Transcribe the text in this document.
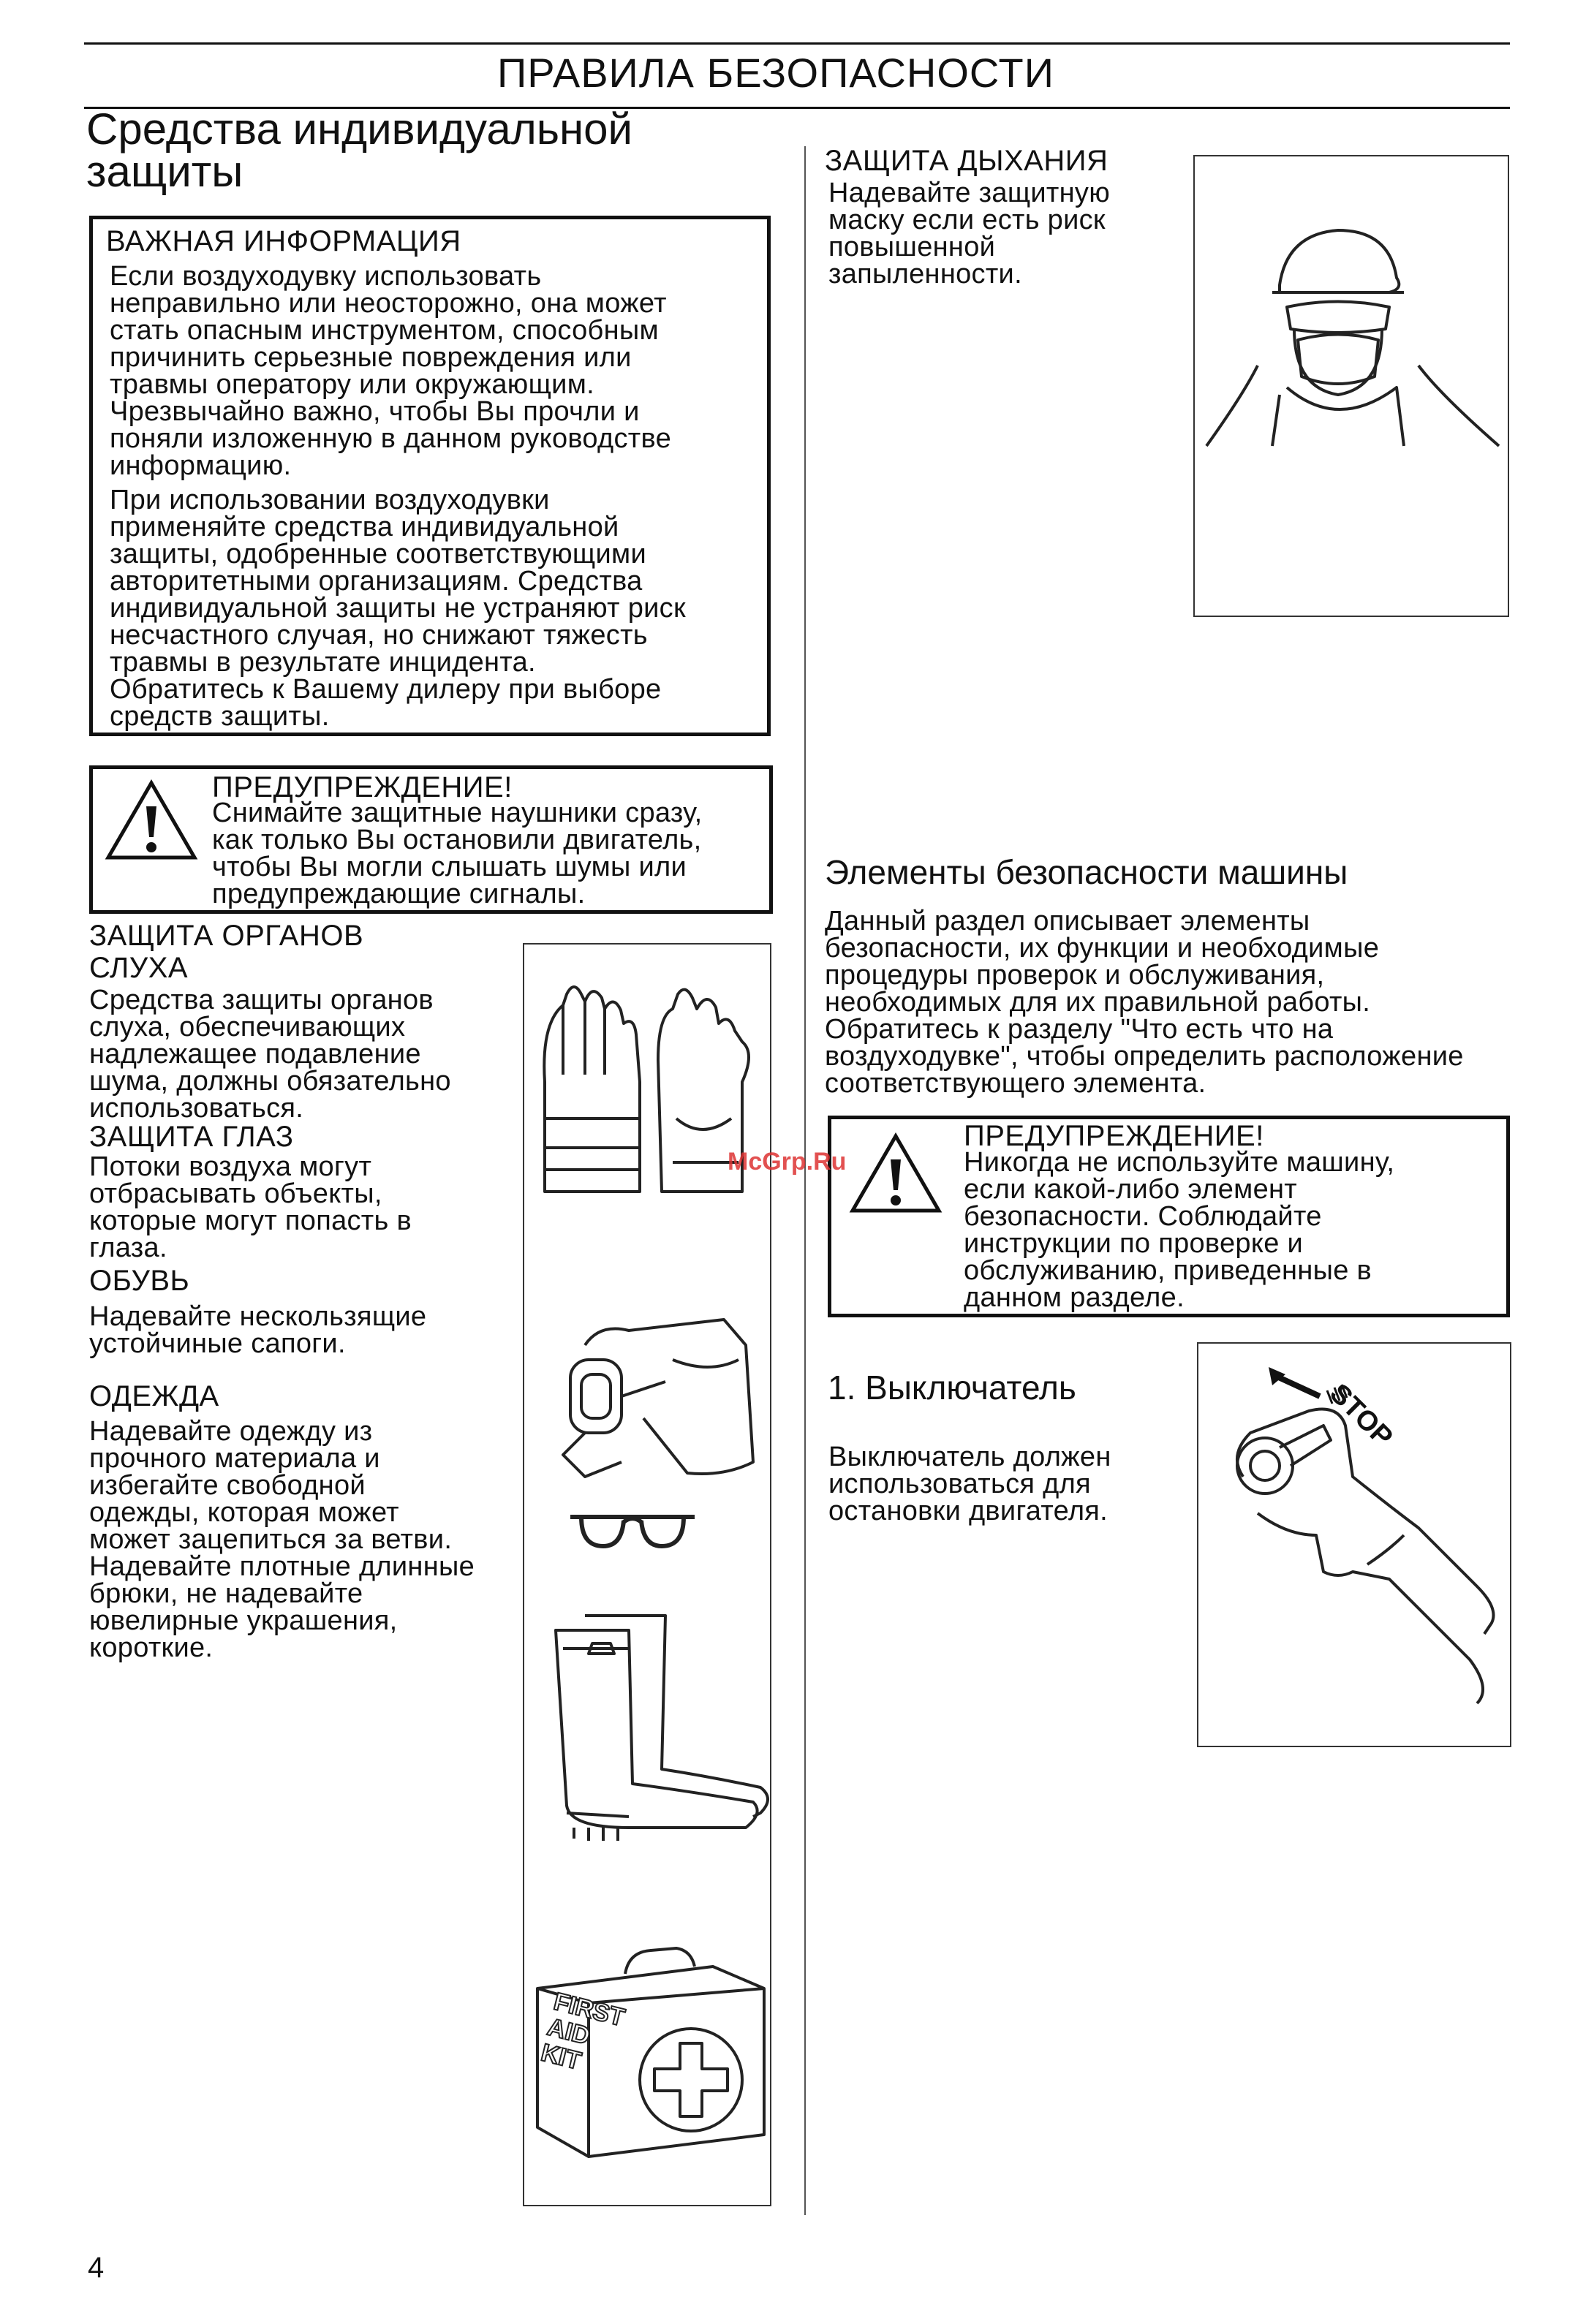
ПРАВИЛА БЕЗОПАСНОСТИ
Средства индивидуальной
защиты
ВАЖНАЯ ИНФОРМАЦИЯ
Если воздуходувку использовать
неправильно или неосторожно, она может
стать опасным инструментом, способным
причинить серьезные повреждения или
травмы оператору или окружающим.
Чрезвычайно важно, чтобы Вы прочли и
поняли изложенную в данном руководстве
информацию.
При использовании воздуходувки
применяйте средства индивидуальной
защиты, одобренные соответствующими
авторитетными организациям. Средства
индивидуальной защиты не устраняют риск
несчастного случая, но снижают тяжесть
травмы в результате инцидента.
Обратитесь к Вашему дилеру при выборе
средств защиты.
ПРЕДУПРЕЖДЕНИЕ!
Снимайте защитные наушники сразу,
как только Вы остановили двигатель,
чтобы Вы могли слышать шумы или
предупреждающие сигналы.
ЗАЩИТА ОРГАНОВ
СЛУХА
Средства защиты органов
слуха, обеспечивающих
надлежащее подавление
шума, должны обязательно
использоваться.
ЗАЩИТА ГЛАЗ
Потоки воздуха могут
отбрасывать объекты,
которые могут попасть в
глаза.
ОБУВЬ
Надевайте нескользящие
устойчиные сапоги.
ОДЕЖДА
Надевайте одежду из
прочного материала и
избегайте свободной
одежды, которая может
может зацепиться за ветви.
Надевайте плотные длинные
брюки, не надевайте
ювелирные украшения,
короткие.
FIRST
AID
KIT
ЗАЩИТА ДЫХАНИЯ
Надевайте защитную
маску если есть риск
повышенной
запыленности.
Элементы безопасности машины
Данный раздел описывает элементы
безопасности, их функции и необходимые
процедуры проверок и обслуживания,
необходимых для их правильной работы.
Обратитесь к разделу "Что есть что на
воздуходувке", чтобы определить расположение
соответствующего элемента.
ПРЕДУПРЕЖДЕНИЕ!
Никогда не используйте машину,
если какой-либо элемент
безопасности. Соблюдайте
инструкции по проверке и
обслуживанию, приведенные в
данном разделе.
McGrp.Ru
1. Выключатель
Выключатель должен
использоваться для
остановки двигателя.
STOP
4
